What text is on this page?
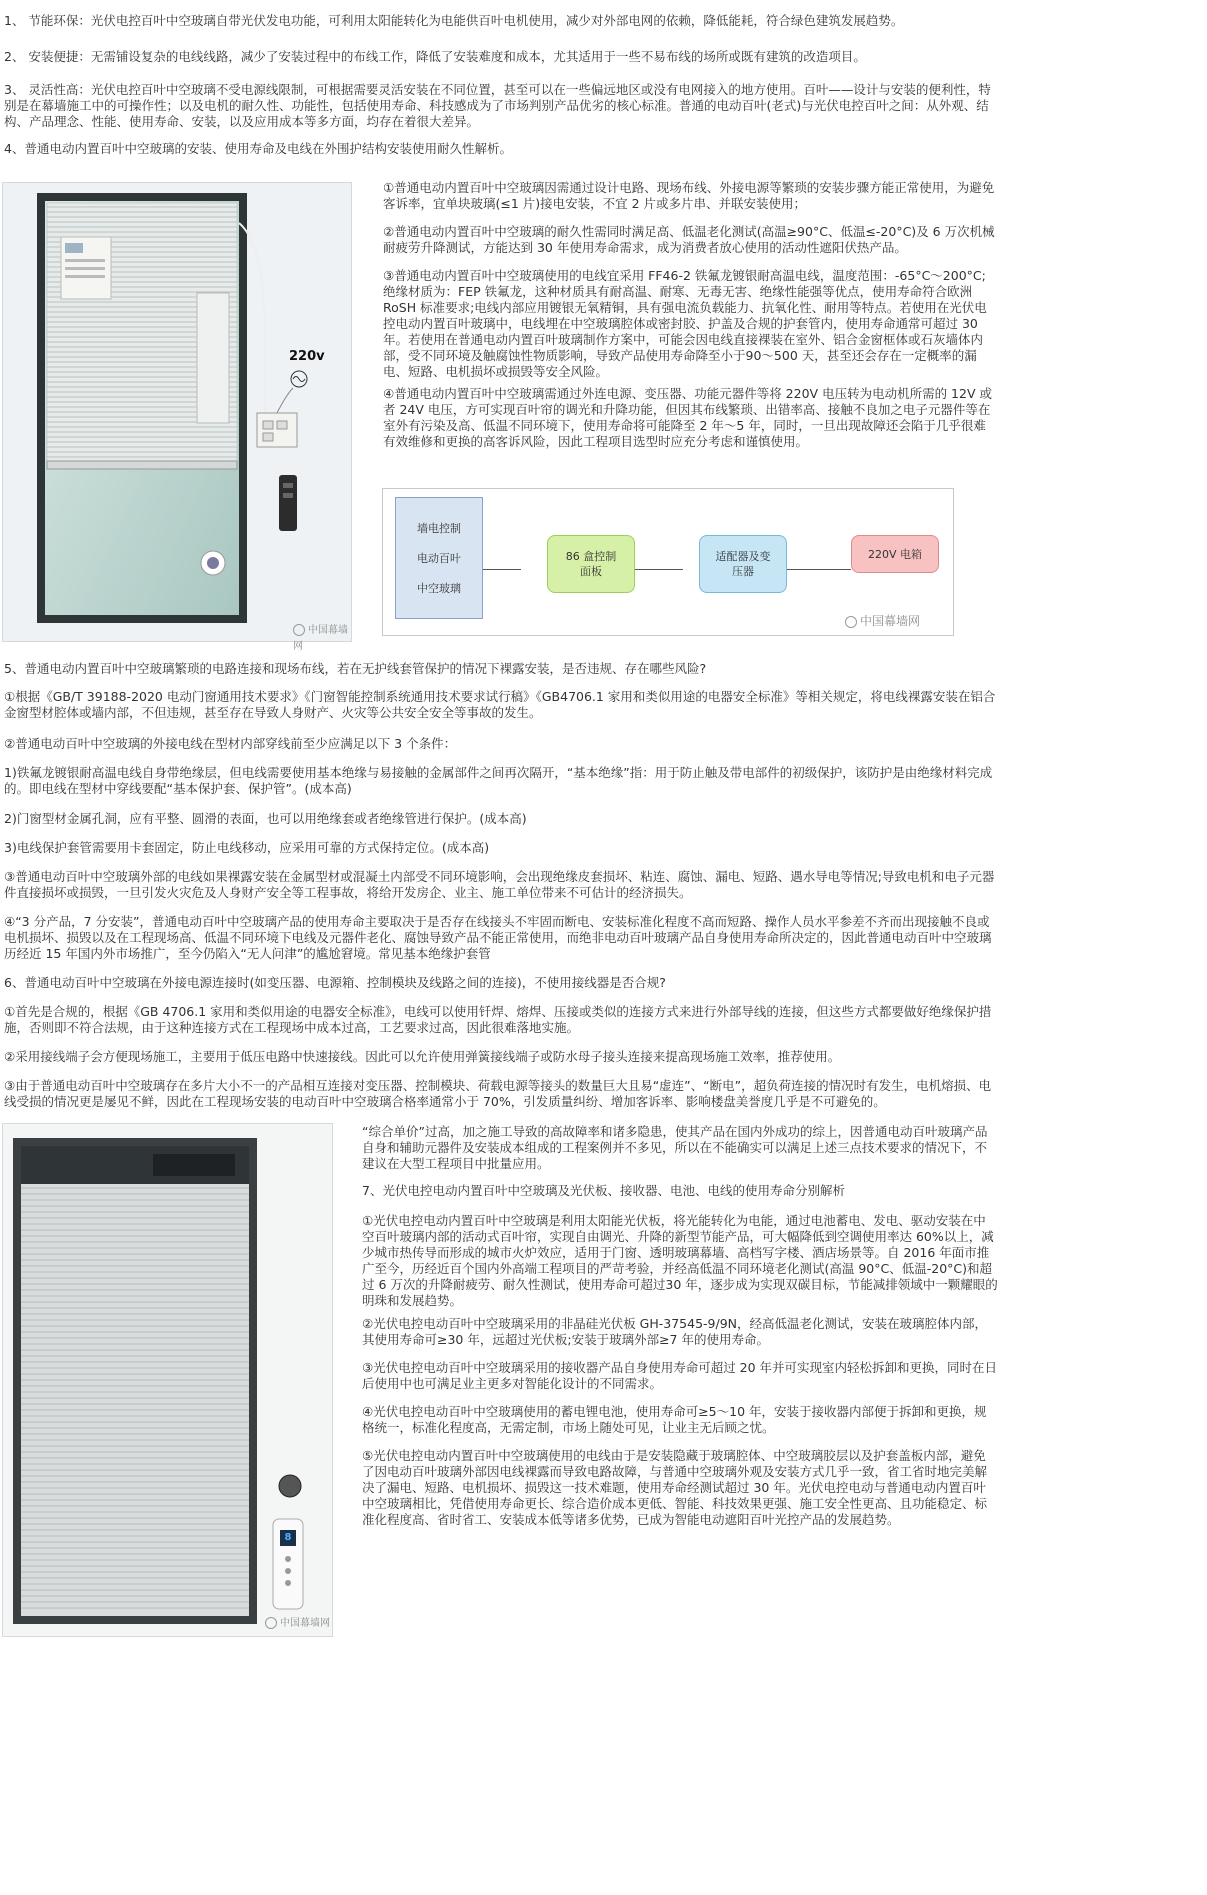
1、 节能环保：光伏电控百叶中空玻璃自带光伏发电功能，可利用太阳能转化为电能供百叶电机使用，减少对外部电网的依赖，降低能耗，符合绿色建筑发展趋势。

2、 安装便捷：无需铺设复杂的电线线路，减少了安装过程中的布线工作，降低了安装难度和成本，尤其适用于一些不易布线的场所或既有建筑的改造项目。

3、 灵活性高：光伏电控百叶中空玻璃不受电源线限制，可根据需要灵活安装在不同位置，甚至可以在一些偏远地区或没有电网接入的地方使用。百叶——设计与安装的便利性，特别是在幕墙施工中的可操作性；以及电机的耐久性、功能性，包括使用寿命、科技感成为了市场判别产品优劣的核心标准。普通的电动百叶(老式)与光伏电控百叶之间：从外观、结构、产品理念、性能、使用寿命、安装，以及应用成本等多方面，均存在着很大差异。

4、普通电动内置百叶中空玻璃的安装、使用寿命及电线在外围护结构安装使用耐久性解析。

220v
中国幕墙网

①普通电动内置百叶中空玻璃因需通过设计电路、现场布线、外接电源等繁琐的安装步骤方能正常使用，为避免客诉率，宜单块玻璃(≤1 片)接电安装，不宜 2 片或多片串、并联安装使用；

②普通电动内置百叶中空玻璃的耐久性需同时满足高、低温老化测试(高温≥90°C、低温≤-20°C)及 6 万次机械耐疲劳升降测试，方能达到 30 年使用寿命需求，成为消费者放心使用的活动性遮阳伏热产品。

③普通电动内置百叶中空玻璃使用的电线宜采用 FF46-2 铁氟龙镀银耐高温电线，温度范围：-65°C～200°C;绝缘材质为：FEP 铁氟龙，这种材质具有耐高温、耐寒、无毒无害、绝缘性能强等优点，使用寿命符合欧洲 RoSH 标准要求;电线内部应用镀银无氧精铜，具有强电流负载能力、抗氧化性、耐用等特点。若使用在光伏电控电动内置百叶玻璃中，电线埋在中空玻璃腔体或密封胶、护盖及合规的护套管内，使用寿命通常可超过 30 年。若使用在普通电动内置百叶玻璃制作方案中，可能会因电线直接裸装在室外、铝合金窗框体或石灰墙体内部，受不同环境及触腐蚀性物质影响，导致产品使用寿命降至小于90～500 天，甚至还会存在一定概率的漏电、短路、电机损坏或损毁等安全风险。

④普通电动内置百叶中空玻璃需通过外连电源、变压器、功能元器件等将 220V 电压转为电动机所需的 12V 或者 24V 电压，方可实现百叶帘的调光和升降功能，但因其布线繁琐、出错率高、接触不良加之电子元器件等在室外有污染及高、低温不同环境下，使用寿命将可能降至 2 年～5 年，同时，一旦出现故障还会陷于几乎很难有效维修和更换的高客诉风险，因此工程项目选型时应充分考虑和谨慎使用。

墙电控制

电动百叶

中空玻璃
86 盒控制
面板
适配器及变
压器
220V 电箱
中国幕墙网

5、普通电动内置百叶中空玻璃繁琐的电路连接和现场布线，若在无护线套管保护的情况下裸露安装，是否违规、存在哪些风险?

①根据《GB/T 39188-2020 电动门窗通用技术要求》《门窗智能控制系统通用技术要求试行稿》《GB4706.1 家用和类似用途的电器安全标准》等相关规定，将电线裸露安装在铝合金窗型材腔体或墙内部，不但违规，甚至存在导致人身财产、火灾等公共安全安全等事故的发生。

②普通电动百叶中空玻璃的外接电线在型材内部穿线前至少应满足以下 3 个条件：

1)铁氟龙镀银耐高温电线自身带绝缘层，但电线需要使用基本绝缘与易接触的金属部件之间再次隔开，“基本绝缘”指：用于防止触及带电部件的初级保护，该防护是由绝缘材料完成的。即电线在型材中穿线要配“基本保护套、保护管”。(成本高)

2)门窗型材金属孔洞，应有平整、圆滑的表面，也可以用绝缘套或者绝缘管进行保护。(成本高)

3)电线保护套管需要用卡套固定，防止电线移动，应采用可靠的方式保持定位。(成本高)

③普通电动百叶中空玻璃外部的电线如果裸露安装在金属型材或混凝土内部受不同环境影响，会出现绝缘皮套损坏、粘连、腐蚀、漏电、短路、遇水导电等情况;导致电机和电子元器件直接损坏或损毁，一旦引发火灾危及人身财产安全等工程事故，将给开发房企、业主、施工单位带来不可估计的经济损失。

④“3 分产品，7 分安装”，普通电动百叶中空玻璃产品的使用寿命主要取决于是否存在线接头不牢固而断电、安装标准化程度不高而短路、操作人员水平参差不齐而出现接触不良或电机损坏、损毁以及在工程现场高、低温不同环境下电线及元器件老化、腐蚀导致产品不能正常使用，而绝非电动百叶玻璃产品自身使用寿命所决定的，因此普通电动百叶中空玻璃历经近 15 年国内外市场推广，至今仍陷入“无人问津”的尴尬窘境。常见基本绝缘护套管

6、普通电动百叶中空玻璃在外接电源连接时(如变压器、电源箱、控制模块及线路之间的连接)，不使用接线器是否合规?

①首先是合规的，根据《GB 4706.1 家用和类似用途的电器安全标准》，电线可以使用钎焊、熔焊、压接或类似的连接方式来进行外部导线的连接，但这些方式都要做好绝缘保护措施，否则即不符合法规，由于这种连接方式在工程现场中成本过高，工艺要求过高，因此很难落地实施。

②采用接线端子会方便现场施工，主要用于低压电路中快速接线。因此可以允许使用弹簧接线端子或防水母子接头连接来提高现场施工效率，推荐使用。

③由于普通电动百叶中空玻璃存在多片大小不一的产品相互连接对变压器、控制模块、荷载电源等接头的数量巨大且易“虚连”、“断电”，超负荷连接的情况时有发生，电机熔损、电线受损的情况更是屡见不鲜，因此在工程现场安装的电动百叶中空玻璃合格率通常小于 70%，引发质量纠纷、增加客诉率、影响楼盘美誉度几乎是不可避免的。

8
中国幕墙网

“综合单价”过高，加之施工导致的高故障率和诸多隐患，使其产品在国内外成功的综上，因普通电动百叶玻璃产品自身和辅助元器件及安装成本组成的工程案例并不多见，所以在不能确实可以满足上述三点技术要求的情况下，不建议在大型工程项目中批量应用。

7、光伏电控电动内置百叶中空玻璃及光伏板、接收器、电池、电线的使用寿命分别解析

①光伏电控电动内置百叶中空玻璃是利用太阳能光伏板，将光能转化为电能，通过电池蓄电、发电、驱动安装在中空百叶玻璃内部的活动式百叶帘，实现自由调光、升降的新型节能产品，可大幅降低到空调使用率达 60%以上，减少城市热传导而形成的城市火炉效应，适用于门窗、透明玻璃幕墙、高档写字楼、酒店场景等。自 2016 年面市推广至今，历经近百个国内外高端工程项目的严苛考验，并经高低温不同环境老化测试(高温 90°C、低温-20°C)和超过 6 万次的升降耐疲劳、耐久性测试，使用寿命可超过30 年，逐步成为实现双碳目标，节能减排领域中一颗耀眼的明珠和发展趋势。

②光伏电控电动百叶中空玻璃采用的非晶硅光伏板 GH-37545-9/9N，经高低温老化测试，安装在玻璃腔体内部，其使用寿命可≥30 年，远超过光伏板;安装于玻璃外部≥7 年的使用寿命。

③光伏电控电动百叶中空玻璃采用的接收器产品自身使用寿命可超过 20 年并可实现室内轻松拆卸和更换，同时在日后使用中也可满足业主更多对智能化设计的不同需求。

④光伏电控电动百叶中空玻璃使用的蓄电锂电池，使用寿命可≥5～10 年，安装于接收器内部便于拆卸和更换，规格统一，标准化程度高，无需定制，市场上随处可见，让业主无后顾之忧。

⑤光伏电控电动内置百叶中空玻璃使用的电线由于是安装隐藏于玻璃腔体、中空玻璃胶层以及护套盖板内部，避免了因电动百叶玻璃外部因电线裸露而导致电路故障，与普通中空玻璃外观及安装方式几乎一致，省工省时地完美解决了漏电、短路、电机损坏、损毁这一技术难题，使用寿命经测试超过 30 年。光伏电控电动与普通电动内置百叶中空玻璃相比，凭借使用寿命更长、综合造价成本更低、智能、科技效果更强、施工安全性更高、且功能稳定、标准化程度高、省时省工、安装成本低等诸多优势，已成为智能电动遮阳百叶光控产品的发展趋势。
